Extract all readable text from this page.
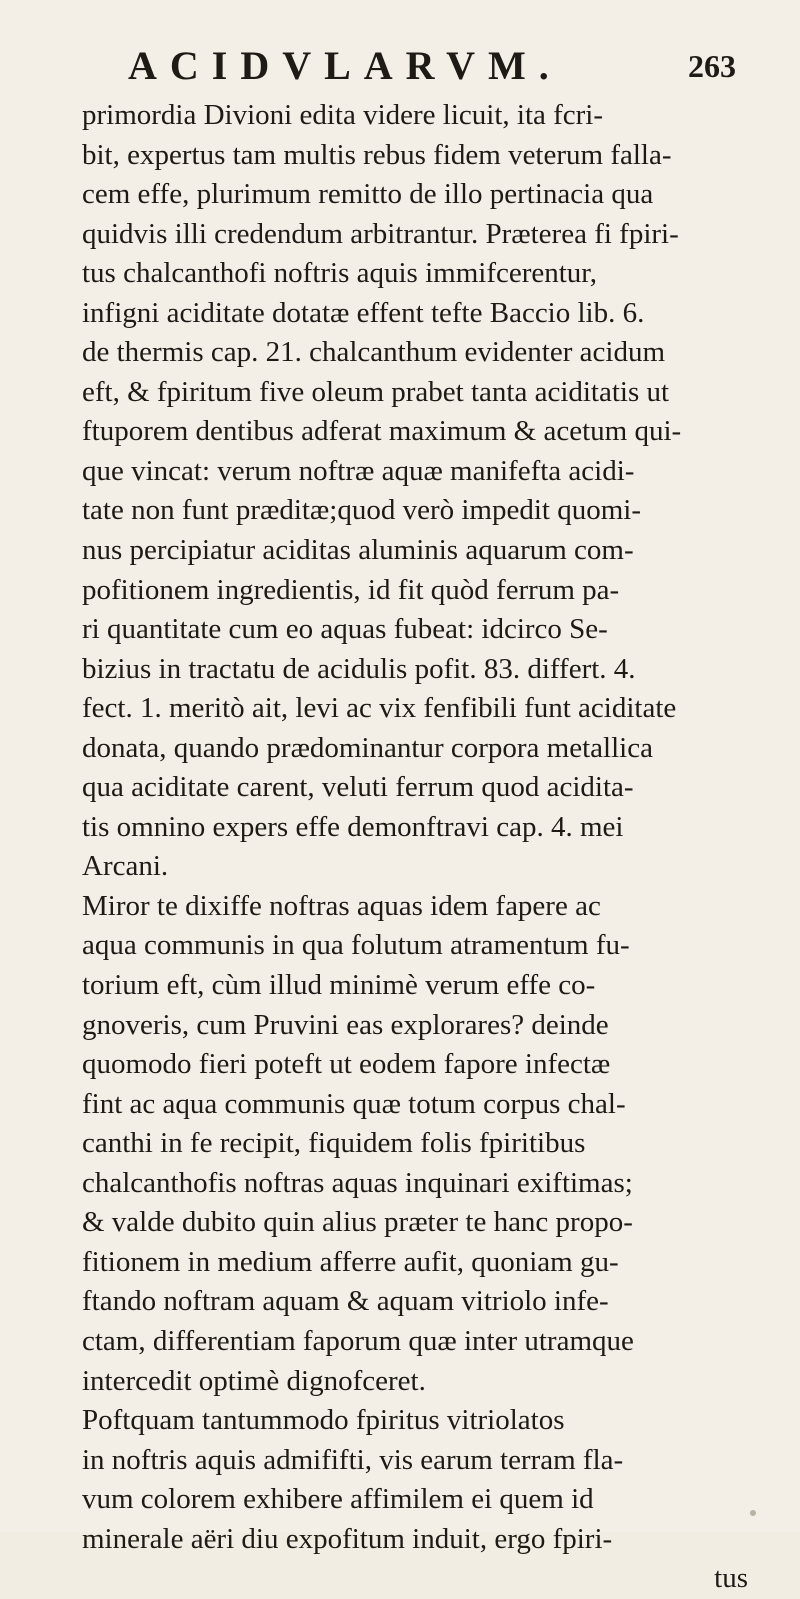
ACIDVLARVM.	263
primordia Divioni edita videre licuit, ita fcri-
bit, expertus tam multis rebus fidem veterum falla-
cem effe, plurimum remitto de illo pertinacia qua
quidvis illi credendum arbitrantur. Præterea fi fpiri-
tus chalcanthofi noftris aquis immifcerentur,
infigni aciditate dotatæ effent tefte Baccio lib. 6.
de thermis cap. 21. chalcanthum evidenter acidum
eft, & fpiritum five oleum prabet tanta aciditatis ut
ftuporem dentibus adferat maximum & acetum qui-
que vincat: verum noftræ aquæ manifefta acidi-
tate non funt præditæ;quod verò impedit quomi-
nus percipiatur aciditas aluminis aquarum com-
pofitionem ingredientis, id fit quòd ferrum pa-
ri quantitate cum eo aquas fubeat: idcirco Se-
bizius in tractatu de acidulis pofit. 83. differt. 4.
fect. 1. meritò ait, levi ac vix fenfibili funt aciditate
donata, quando prædominantur corpora metallica
qua aciditate carent, veluti ferrum quod acidita-
tis omnino expers effe demonftravi cap. 4. mei
Arcani.
Miror te dixiffe noftras aquas idem fapere ac
aqua communis in qua folutum atramentum fu-
torium eft, cùm illud minimè verum effe co-
gnoveris, cum Pruvini eas explorares? deinde
quomodo fieri poteft ut eodem fapore infectæ
fint ac aqua communis quæ totum corpus chal-
canthi in fe recipit, fiquidem folis fpiritibus
chalcanthofis noftras aquas inquinari exiftimas;
& valde dubito quin alius præter te hanc propo-
fitionem in medium afferre aufit, quoniam gu-
ftando noftram aquam & aquam vitriolo infe-
ctam, differentiam faporum quæ inter utramque
intercedit optimè dignofceret.
Poftquam tantummodo fpiritus vitriolatos
in noftris aquis admififti, vis earum terram fla-
vum colorem exhibere affimilem ei quem id
minerale aëri diu expofitum induit, ergo fpiri-
tus
